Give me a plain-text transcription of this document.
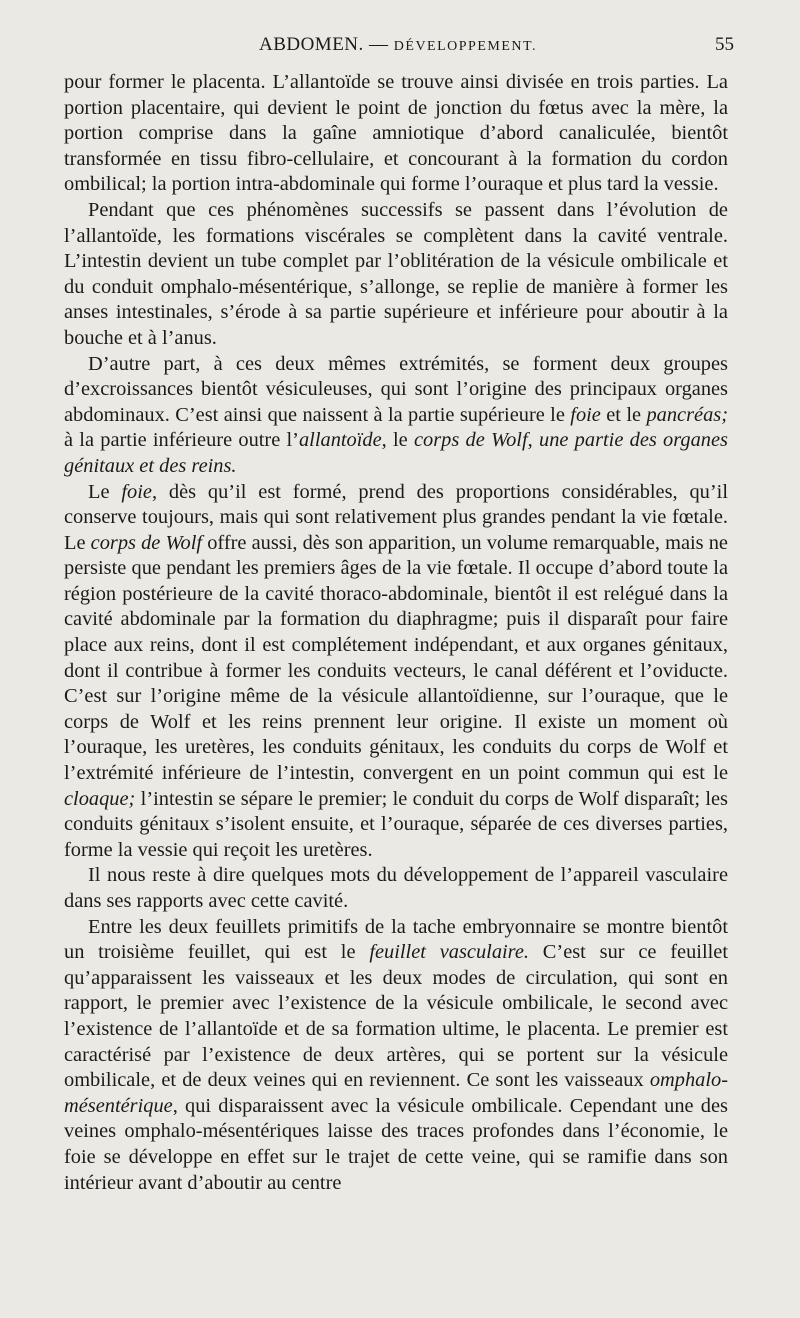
ABDOMEN. — DÉVELOPPEMENT.	55

pour former le placenta. L’allantoïde se trouve ainsi divisée en trois parties. La portion placentaire, qui devient le point de jonction du fœtus avec la mère, la portion comprise dans la gaîne amniotique d’abord canaliculée, bientôt transformée en tissu fibro-cellulaire, et concourant à la formation du cordon ombilical; la portion intra-abdominale qui forme l’ouraque et plus tard la vessie.

Pendant que ces phénomènes successifs se passent dans l’évolution de l’allantoïde, les formations viscérales se complètent dans la cavité ventrale. L’intestin devient un tube complet par l’oblitération de la vésicule ombilicale et du conduit omphalo-mésentérique, s’allonge, se replie de manière à former les anses intestinales, s’érode à sa partie supérieure et inférieure pour aboutir à la bouche et à l’anus.

D’autre part, à ces deux mêmes extrémités, se forment deux groupes d’excroissances bientôt vésiculeuses, qui sont l’origine des principaux organes abdominaux. C’est ainsi que naissent à la partie supérieure le foie et le pancréas; à la partie inférieure outre l’allantoïde, le corps de Wolf, une partie des organes génitaux et des reins.

Le foie, dès qu’il est formé, prend des proportions considérables, qu’il conserve toujours, mais qui sont relativement plus grandes pendant la vie fœtale. Le corps de Wolf offre aussi, dès son apparition, un volume remarquable, mais ne persiste que pendant les premiers âges de la vie fœtale. Il occupe d’abord toute la région postérieure de la cavité thoraco-abdominale, bientôt il est relégué dans la cavité abdominale par la formation du diaphragme; puis il disparaît pour faire place aux reins, dont il est complétement indépendant, et aux organes génitaux, dont il contribue à former les conduits vecteurs, le canal déférent et l’oviducte. C’est sur l’origine même de la vésicule allantoïdienne, sur l’ouraque, que le corps de Wolf et les reins prennent leur origine. Il existe un moment où l’ouraque, les uretères, les conduits génitaux, les conduits du corps de Wolf et l’extrémité inférieure de l’intestin, convergent en un point commun qui est le cloaque; l’intestin se sépare le premier; le conduit du corps de Wolf disparaît; les conduits génitaux s’isolent ensuite, et l’ouraque, séparée de ces diverses parties, forme la vessie qui reçoit les uretères.

Il nous reste à dire quelques mots du développement de l’appareil vasculaire dans ses rapports avec cette cavité.

Entre les deux feuillets primitifs de la tache embryonnaire se montre bientôt un troisième feuillet, qui est le feuillet vasculaire. C’est sur ce feuillet qu’apparaissent les vaisseaux et les deux modes de circulation, qui sont en rapport, le premier avec l’existence de la vésicule ombilicale, le second avec l’existence de l’allantoïde et de sa formation ultime, le placenta. Le premier est caractérisé par l’existence de deux artères, qui se portent sur la vésicule ombilicale, et de deux veines qui en reviennent. Ce sont les vaisseaux omphalo-mésentérique, qui disparaissent avec la vésicule ombilicale. Cependant une des veines omphalo-mésentériques laisse des traces profondes dans l’économie, le foie se développe en effet sur le trajet de cette veine, qui se ramifie dans son intérieur avant d’aboutir au centre
